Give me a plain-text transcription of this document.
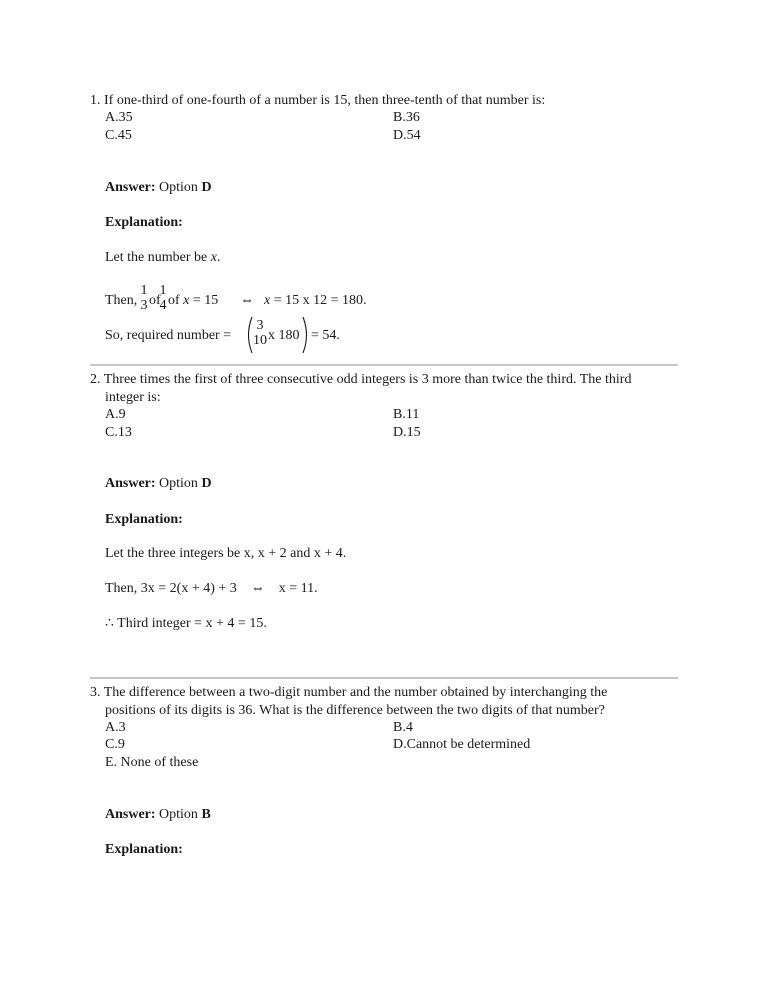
1. If one-third of one-fourth of a number is 15, then three-tenth of that number is:
A.35	B.36
C.45	D.54
Answer: Option D
Explanation:
Let the number be x.
Then,
1
3 of
1
4 of x = 15 ⇔ x = 15 x 12 = 180.
So, required number =
3
10 x 180 = 54.
2. Three times the first of three consecutive odd integers is 3 more than twice the third. The third
integer is:
A.9	B.11
C.13	D.15
Answer: Option D
Explanation:
Let the three integers be x, x + 2 and x + 4.
Then, 3x = 2(x + 4) + 3    ⇔    x = 11.
∴ Third integer = x + 4 = 15.
3. The difference between a two-digit number and the number obtained by interchanging the
positions of its digits is 36. What is the difference between the two digits of that number?
A.3	B.4
C.9	D.Cannot be determined
E. None of these
Answer: Option B
Explanation:
